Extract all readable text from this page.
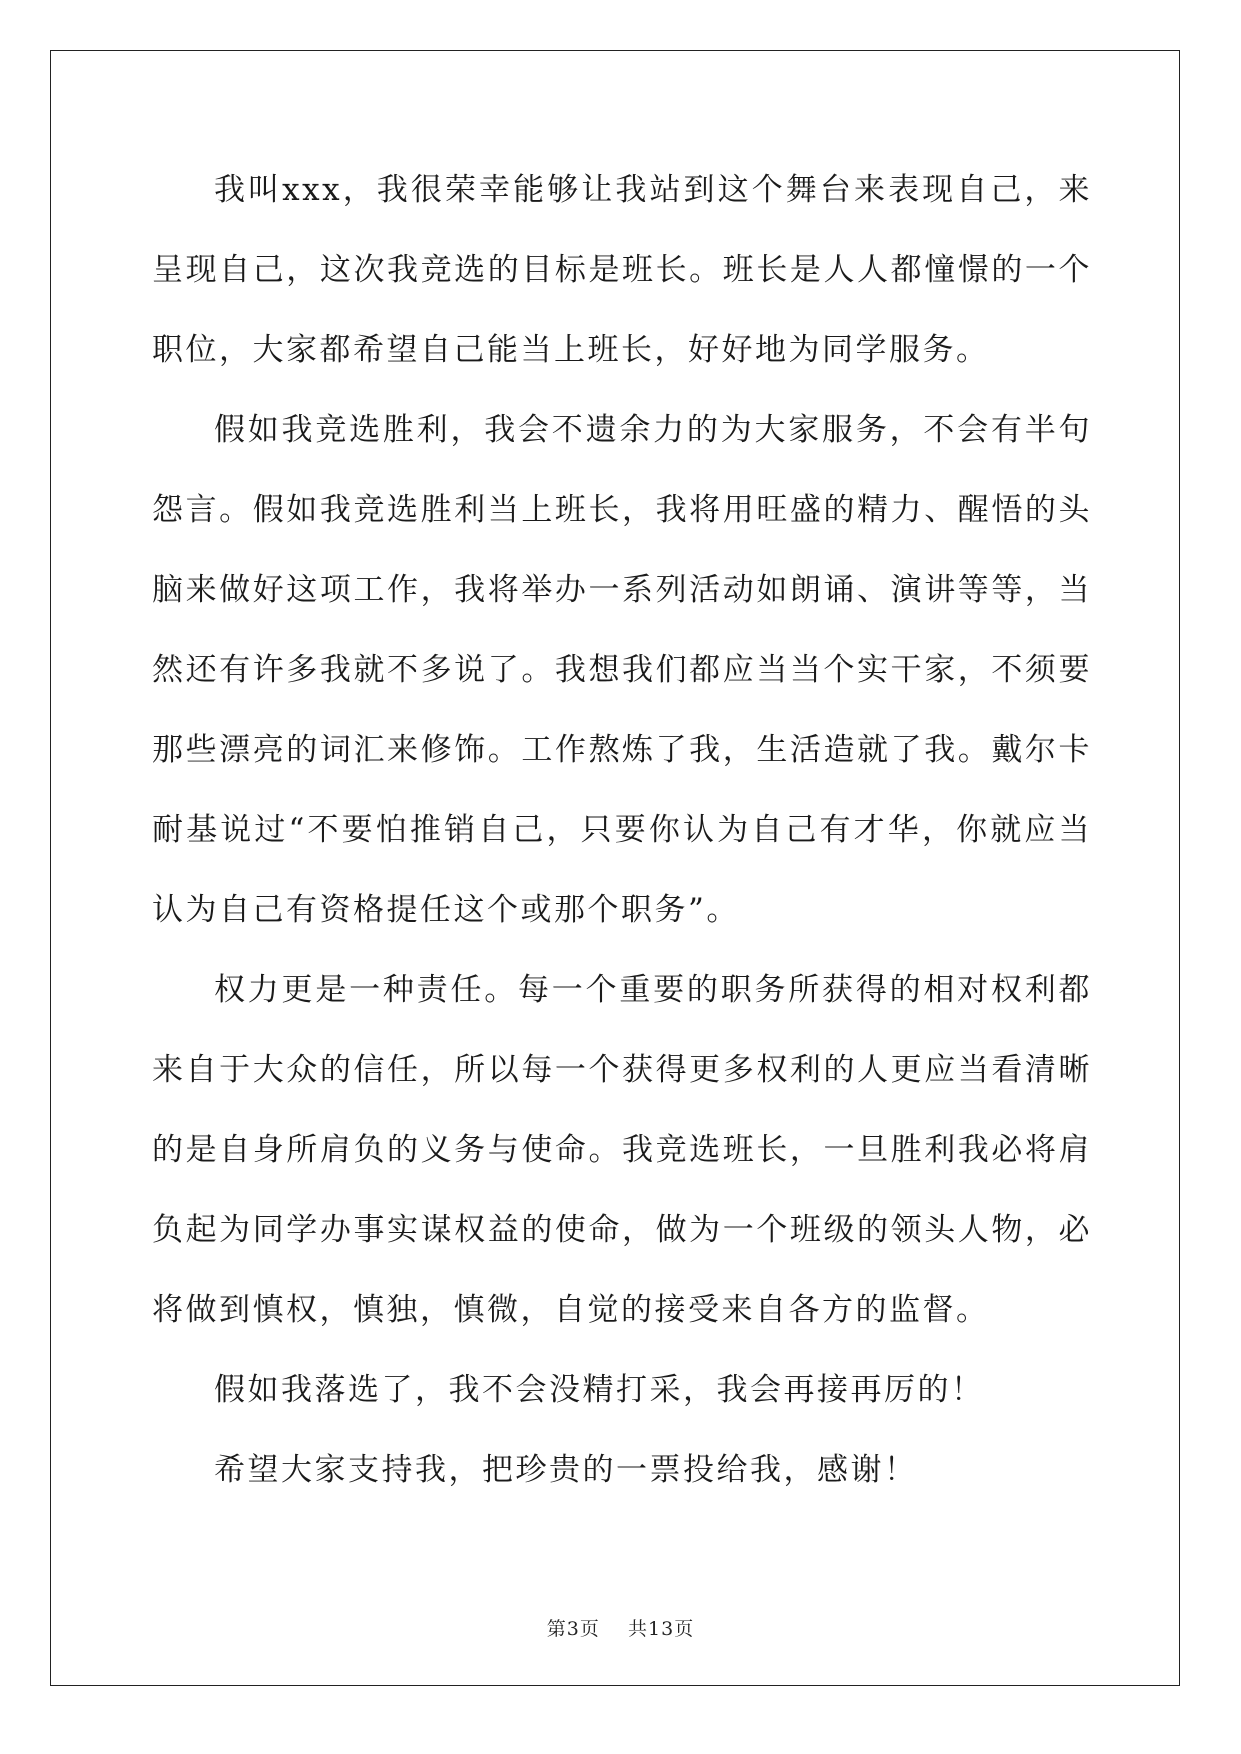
我叫xxx，我很荣幸能够让我站到这个舞台来表现自己，来呈现自己，这次我竞选的目标是班长。班长是人人都憧憬的一个职位，大家都希望自己能当上班长，好好地为同学服务。

假如我竞选胜利，我会不遗余力的为大家服务，不会有半句怨言。假如我竞选胜利当上班长，我将用旺盛的精力、醒悟的头脑来做好这项工作，我将举办一系列活动如朗诵、演讲等等，当然还有许多我就不多说了。我想我们都应当当个实干家，不须要那些漂亮的词汇来修饰。工作熬炼了我，生活造就了我。戴尔卡耐基说过“不要怕推销自己，只要你认为自己有才华，你就应当认为自己有资格提任这个或那个职务”。

权力更是一种责任。每一个重要的职务所获得的相对权利都来自于大众的信任，所以每一个获得更多权利的人更应当看清晰的是自身所肩负的义务与使命。我竞选班长，一旦胜利我必将肩负起为同学办事实谋权益的使命，做为一个班级的领头人物，必将做到慎权，慎独，慎微，自觉的接受来自各方的监督。

假如我落选了，我不会没精打采，我会再接再厉的！

希望大家支持我，把珍贵的一票投给我，感谢！

第3页 共13页
